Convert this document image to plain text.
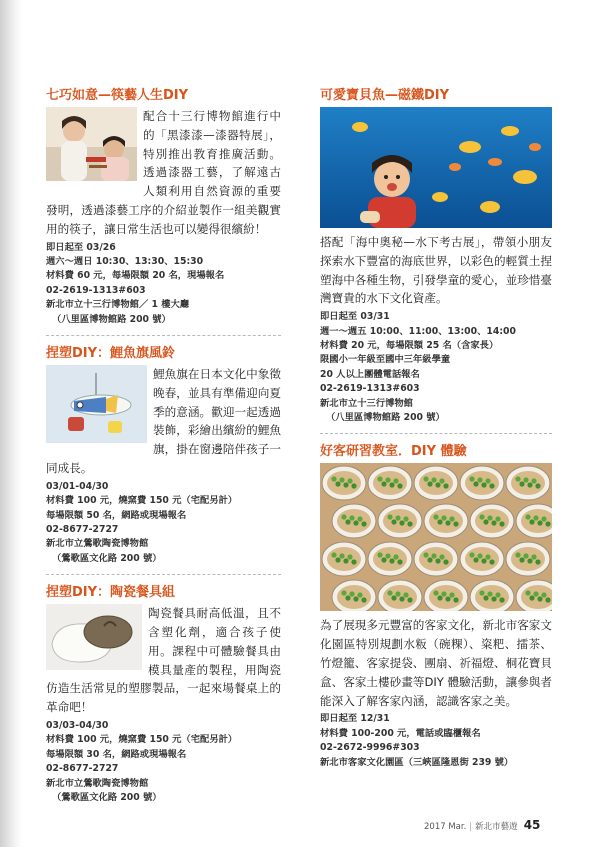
七巧如意—筷藝人生DIY
配合十三行博物館進行中的「黑漆漆—漆器特展」，特別推出教育推廣活動。透過漆器工藝，了解遠古人類利用自然資源的重要發明，透過漆藝工序的介紹並製作一組美觀實用的筷子，讓日常生活也可以變得很繽紛！
即日起至 03/26
週六～週日 10:30、13:30、15:30
材料費 60 元，每場限額 20 名，現場報名
02-2619-1313#603
新北市立十三行博物館／ 1 樓大廳
（八里區博物館路 200 號）
捏塑DIY：鯉魚旗風鈴
鯉魚旗在日本文化中象徵晚春，並具有準備迎向夏季的意涵。歡迎一起透過裝飾，彩繪出繽紛的鯉魚旗，掛在窗邊陪伴孩子一同成長。
03/01-04/30
材料費 100 元，燒窯費 150 元（宅配另計）
每場限額 50 名，網路或現場報名
02-8677-2727
新北市立鶯歌陶瓷博物館
（鶯歌區文化路 200 號）
捏塑DIY：陶瓷餐具組
陶瓷餐具耐高低溫，且不含塑化劑，適合孩子使用。課程中可體驗餐具由模具量產的製程，用陶瓷仿造生活常見的塑膠製品，一起來場餐桌上的革命吧！
03/03-04/30
材料費 100 元，燒窯費 150 元（宅配另計）
每場限額 30 名，網路或現場報名
02-8677-2727
新北市立鶯歌陶瓷博物館
（鶯歌區文化路 200 號）
可愛寶貝魚—磁鐵DIY
搭配「海中奧秘—水下考古展」，帶領小朋友探索水下豐富的海底世界，以彩色的輕質土捏塑海中各種生物，引發學童的愛心，並珍惜臺灣寶貴的水下文化資產。
即日起至 03/31
週一～週五 10:00、11:00、13:00、14:00
材料費 20 元，每場限額 25 名（含家長）
限國小一年級至國中三年級學童
20 人以上團體電話報名
02-2619-1313#603
新北市立十三行博物館
（八里區博物館路 200 號）
好客研習教室．DIY 體驗
為了展現多元豐富的客家文化，新北市客家文化園區特別規劃水粄（碗粿）、粢粑、擂茶、竹燈籠、客家提袋、團扇、祈福燈、桐花寶貝盒、客家土樓砂畫等DIY 體驗活動，讓參與者能深入了解客家內涵，認識客家之美。
即日起至 12/31
材料費 100-200 元，電話或臨櫃報名
02-2672-9996#303
新北市客家文化園區（三峽區隆恩街 239 號）
2017 Mar. | 新北市藝遊 45
